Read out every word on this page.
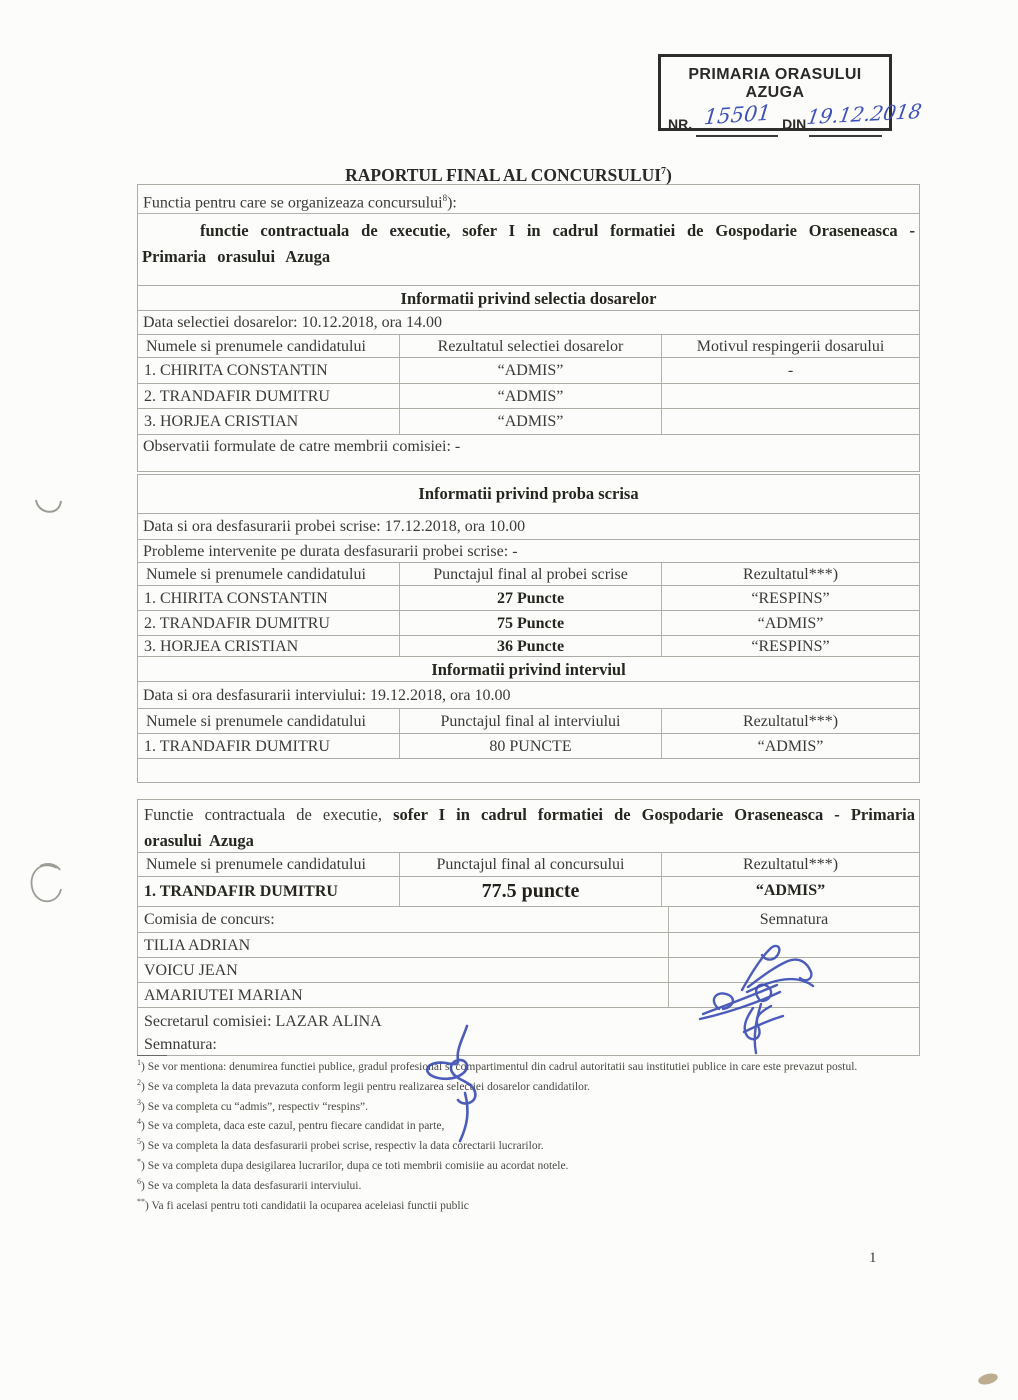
PRIMARIA ORASULUI AZUGA
NR. 15501 DIN 19.12.2018
RAPORTUL FINAL AL CONCURSULUI$^7$)
Functia pentru care se organizeaza concursului$^8$):
functie contractuala de executie, sofer I in cadrul formatiei de Gospodarie Oraseneasca - Primaria orasului Azuga
Informatii privind selectia dosarelor
Data selectiei dosarelor: 10.12.2018, ora 14.00
Numele si prenumele candidatului	Rezultatul selectiei dosarelor	Motivul respingerii dosarului
1. CHIRITA CONSTANTIN	“ADMIS”	-
2. TRANDAFIR DUMITRU	“ADMIS”
3. HORJEA CRISTIAN	“ADMIS”
Observatii formulate de catre membrii comisiei: -
Informatii privind proba scrisa
Data si ora desfasurarii probei scrise: 17.12.2018, ora 10.00
Probleme intervenite pe durata desfasurarii probei scrise: -
Numele si prenumele candidatului	Punctajul final al probei scrise	Rezultatul***)
1. CHIRITA CONSTANTIN	27 Puncte	“RESPINS”
2. TRANDAFIR DUMITRU	75 Puncte	“ADMIS”
3. HORJEA CRISTIAN	36 Puncte	“RESPINS”
Informatii privind interviul
Data si ora desfasurarii interviului: 19.12.2018, ora 10.00
Numele si prenumele candidatului	Punctajul final al interviului	Rezultatul***)
1. TRANDAFIR DUMITRU	80 PUNCTE	“ADMIS”
Functie contractuala de executie, sofer I in cadrul formatiei de Gospodarie Oraseneasca - Primaria orasului Azuga
Numele si prenumele candidatului	Punctajul final al concursului	Rezultatul***)
1. TRANDAFIR DUMITRU	77.5 puncte	“ADMIS”
Comisia de concurs:	Semnatura
TILIA ADRIAN
VOICU JEAN
AMARIUTEI MARIAN
Secretarul comisiei: LAZAR ALINA
Semnatura:

$^1$) Se vor mentiona: denumirea functiei publice, gradul profesional si compartimentul din cadrul autoritatii sau institutiei publice in care este prevazut postul.

$^2$) Se va completa la data prevazuta conform legii pentru realizarea selectiei dosarelor candidatilor.

$^3$) Se va completa cu “admis”, respectiv “respins”.

$^4$) Se va completa, daca este cazul, pentru fiecare candidat in parte,

$^5$) Se va completa la data desfasurarii probei scrise, respectiv la data corectarii lucrarilor.

*) Se va completa dupa desigilarea lucrarilor, dupa ce toti membrii comisiie au acordat notele.

$^6$) Se va completa la data desfasurarii interviului.

**) Va fi acelasi pentru toti candidatii la ocuparea aceleiasi functii public

1
